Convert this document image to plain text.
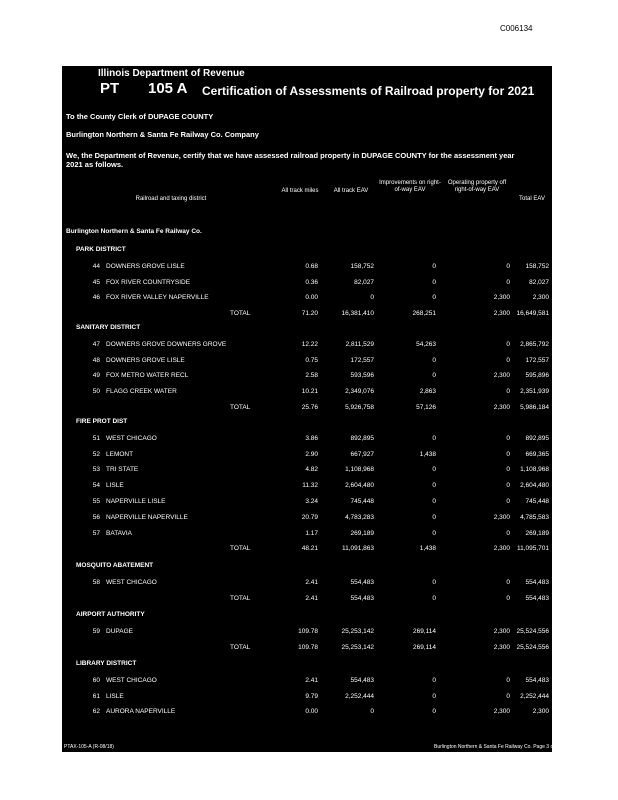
C006134
Illinois Department of Revenue
PT 105 A Certification of Assessments of Railroad property for 2021
To the County Clerk of DUPAGE COUNTY
Burlington Northern & Santa Fe Railway Co. Company
We, the Department of Revenue, certify that we have assessed railroad property in DUPAGE COUNTY for the assessment year
2021 as follows.
Railroad and taxing district
All track miles	All track EAV
Improvements on right-of-way EAV
Operating property off right-of-way EAV
Total EAV
Burlington Northern & Santa Fe Railway Co.
PARK DISTRICT
44 DOWNERS GROVE LISLE	0.68	158,752	0	0	158,752
45 FOX RIVER COUNTRYSIDE	0.36	82,027	0	0	82,027
46 FOX RIVER VALLEY NAPERVILLE	0.00	0	0	2,300	2,300
TOTAL	71.20	16,381,410	268,251	2,300 16,649,581
SANITARY DISTRICT
47 DOWNERS GROVE DOWNERS GROVE	12.22	2,811,529	54,263	0	2,865,792
48 DOWNERS GROVE LISLE	0.75	172,557	0	0	172,557
49 FOX METRO WATER RECL	2.58	593,596	0	2,300	595,896
50 FLAGG CREEK WATER	10.21	2,349,076	2,863	0	2,351,939
TOTAL	25.76	5,926,758	57,126	2,300	5,986,184
FIRE PROT DIST
51 WEST CHICAGO	3.86	892,895	0	0	892,895
52 LEMONT	2.90	667,927	1,438	0	669,365
53 TRI STATE	4.82	1,108,968	0	0	1,108,968
54 LISLE	11.32	2,604,480	0	0	2,604,480
55 NAPERVILLE LISLE	3.24	745,448	0	0	745,448
56 NAPERVILLE NAPERVILLE	20.79	4,783,283	0	2,300	4,785,583
57 BATAVIA	1.17	269,189	0	0	269,189
TOTAL	48.21	11,091,863	1,438	2,300	11,095,701
MOSQUITO ABATEMENT
58 WEST CHICAGO	2.41	554,483	0	0	554,483
TOTAL	2.41	554,483	0	0	554,483
AIRPORT AUTHORITY
59 DUPAGE	109.78	25,253,142	269,114	2,300 25,524,556
TOTAL	109.78	25,253,142	269,114	2,300 25,524,556
LIBRARY DISTRICT
60 WEST CHICAGO	2.41	554,483	0	0	554,483
61 LISLE	9.79	2,252,444	0	0	2,252,444
62 AURORA NAPERVILLE	0.00	0	0	2,300	2,300
PTAX-105-A (R-08/18)	Burlington Northern & Santa Fe Railway Co. Page 3 of 4
